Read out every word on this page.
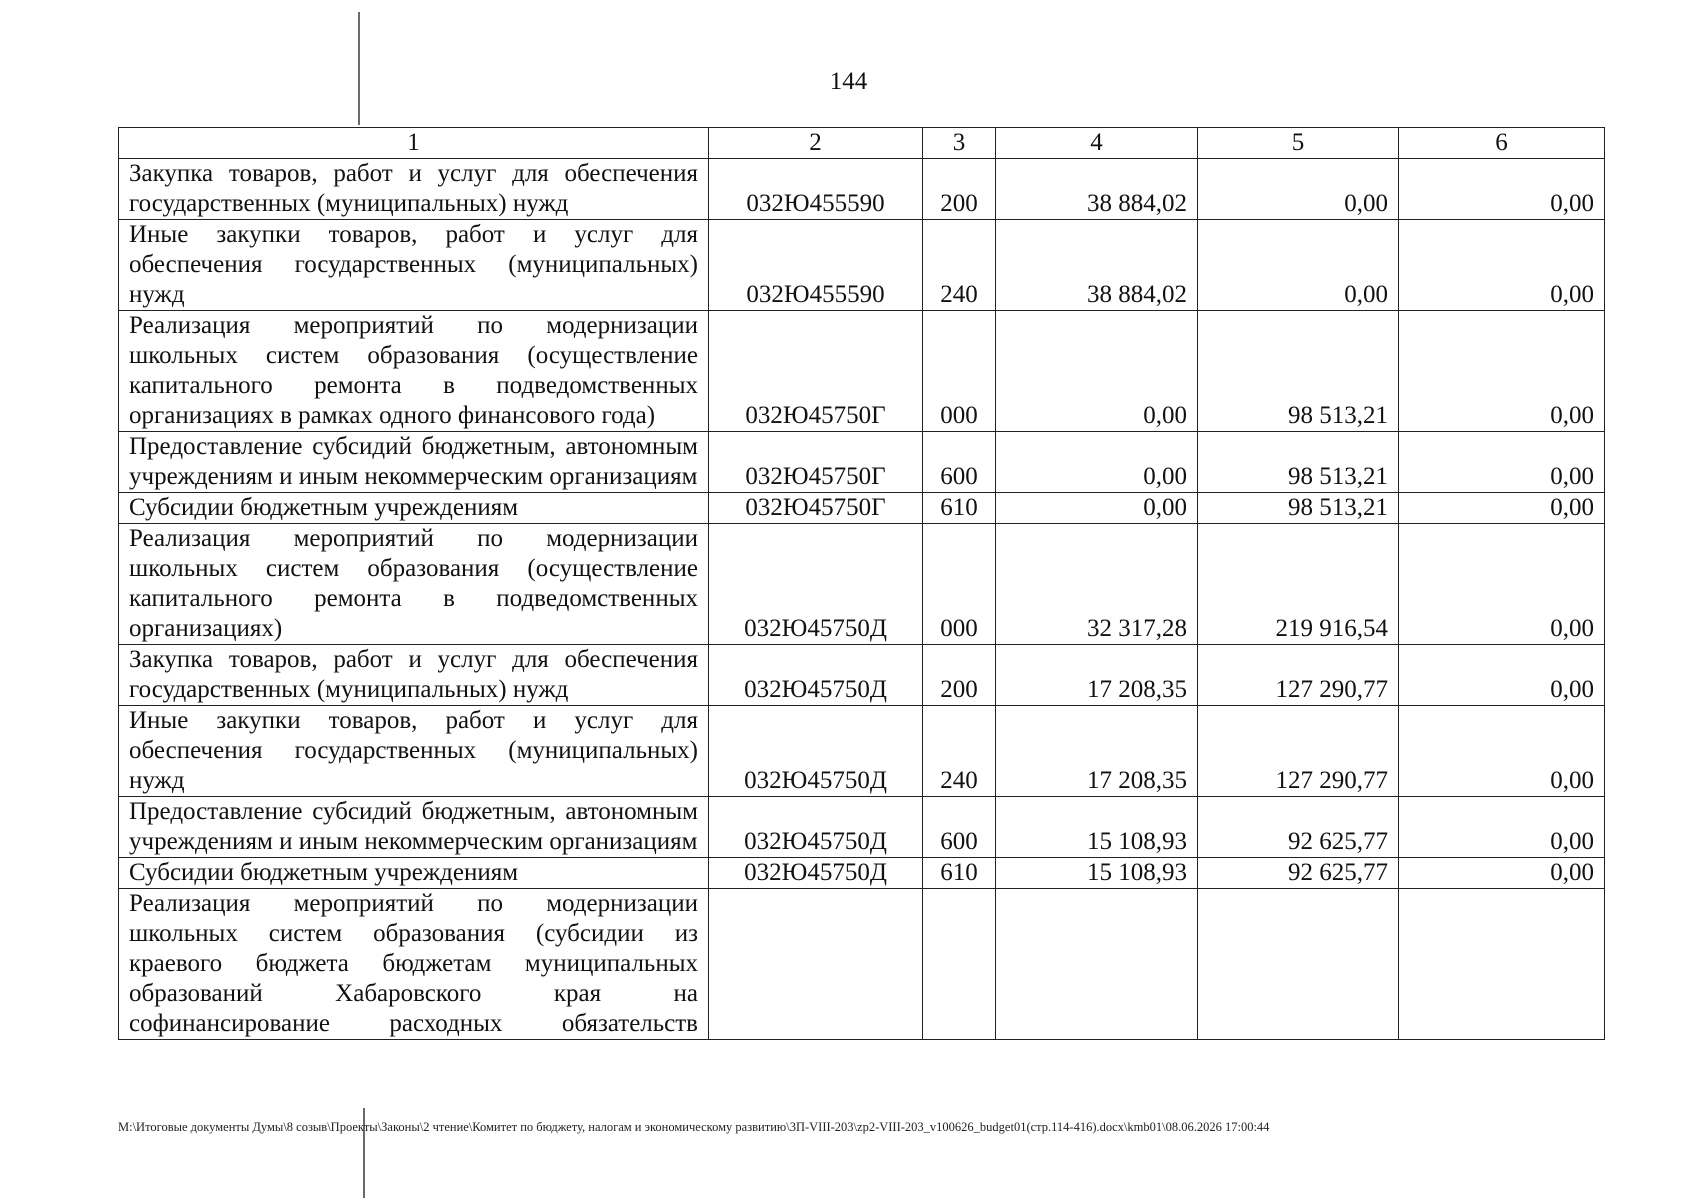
144
1	2	3	4	5	6
Закупка товаров, работ и услуг для обеспечения государственных (муниципальных) нужд	032Ю455590	200	38 884,02	0,00	0,00
Иные закупки товаров, работ и услуг для обеспечения государственных (муниципальных) нужд	032Ю455590	240	38 884,02	0,00	0,00
Реализация мероприятий по модернизации школьных систем образования (осуществление капитального ремонта в подведомственных организациях в рамках одного финансового года)	032Ю45750Г	000	0,00	98 513,21	0,00
Предоставление субсидий бюджетным, автономным учреждениям и иным некоммерческим организациям	032Ю45750Г	600	0,00	98 513,21	0,00
Субсидии бюджетным учреждениям	032Ю45750Г	610	0,00	98 513,21	0,00
Реализация мероприятий по модернизации школьных систем образования (осуществление капитального ремонта в подведомственных организациях)	032Ю45750Д	000	32 317,28	219 916,54	0,00
Закупка товаров, работ и услуг для обеспечения государственных (муниципальных) нужд	032Ю45750Д	200	17 208,35	127 290,77	0,00
Иные закупки товаров, работ и услуг для обеспечения государственных (муниципальных) нужд	032Ю45750Д	240	17 208,35	127 290,77	0,00
Предоставление субсидий бюджетным, автономным учреждениям и иным некоммерческим организациям	032Ю45750Д	600	15 108,93	92 625,77	0,00
Субсидии бюджетным учреждениям	032Ю45750Д	610	15 108,93	92 625,77	0,00
Реализация мероприятий по модернизации школьных систем образования (субсидии из краевого бюджета бюджетам муниципальных образований Хабаровского края на софинансирование расходных обязательств					
M:\Итоговые документы Думы\8 созыв\Проекты\Законы\2 чтение\Комитет по бюджету, налогам и экономическому развитию\3П-VIII-203\zp2-VIII-203_v100626_budget01(стр.114-416).docx\kmb01\08.06.2026 17:00:44
